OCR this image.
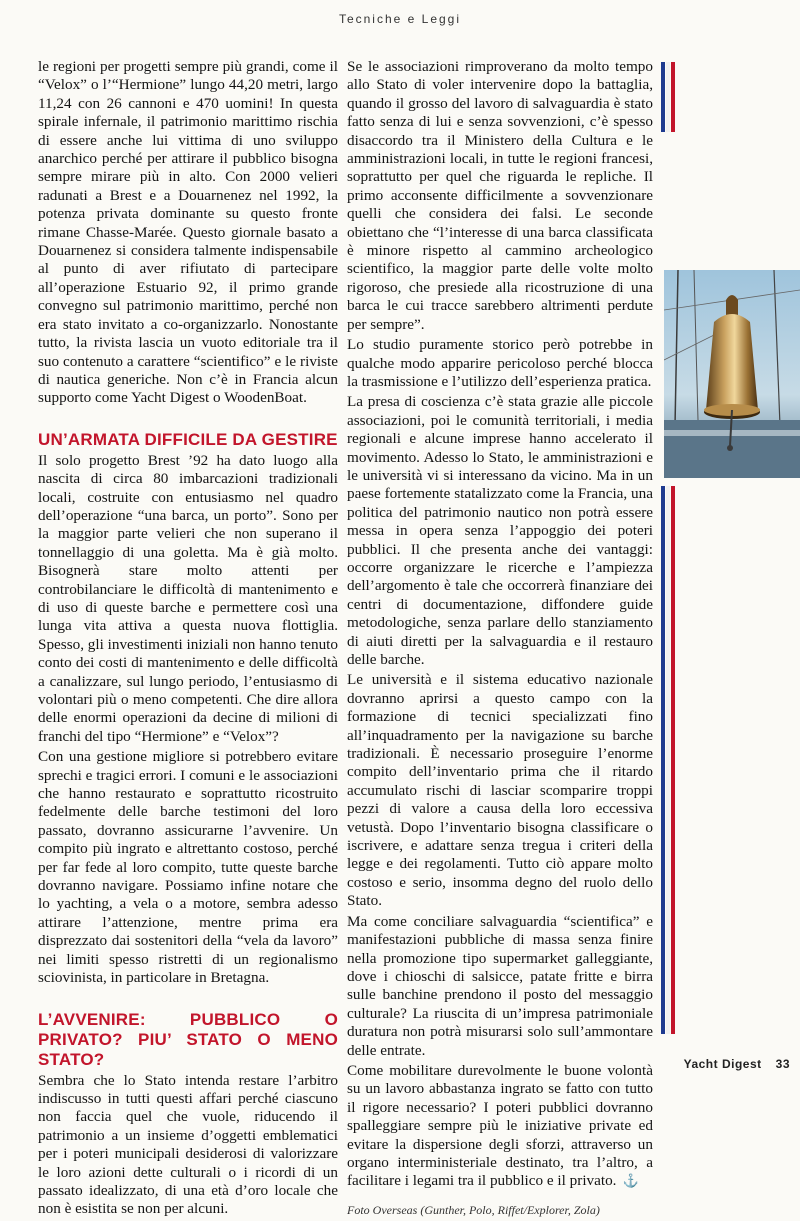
Tecniche e Leggi

le regioni per progetti sempre più grandi, come il “Velox” o l’“Hermione” lungo 44,20 metri, largo 11,24 con 26 cannoni e 470 uomini! In questa spirale infernale, il patrimonio marittimo rischia di essere anche lui vittima di uno sviluppo anarchico perché per attirare il pubblico bisogna sempre mirare più in alto. Con 2000 velieri radunati a Brest e a Douarnenez nel 1992, la potenza privata dominante su questo fronte rimane Chasse-Marée. Questo giornale basato a Douarnenez si considera talmente indispensabile al punto di aver rifiutato di partecipare all’operazione Estuario 92, il primo grande convegno sul patrimonio marittimo, perché non era stato invitato a co-organizzarlo. Nonostante tutto, la rivista lascia un vuoto editoriale tra il suo contenuto a carattere “scientifico” e le riviste di nautica generiche. Non c’è in Francia alcun supporto come Yacht Digest o WoodenBoat.

UN’ARMATA DIFFICILE DA GESTIRE

Il solo progetto Brest ’92 ha dato luogo alla nascita di circa 80 imbarcazioni tradizionali locali, costruite con entusiasmo nel quadro dell’operazione “una barca, un porto”. Sono per la maggior parte velieri che non superano il tonnellaggio di una goletta. Ma è già molto. Bisognerà stare molto attenti per controbilanciare le difficoltà di mantenimento e di uso di queste barche e permettere così una lunga vita attiva a questa nuova flottiglia. Spesso, gli investimenti iniziali non hanno tenuto conto dei costi di mantenimento e delle difficoltà a canalizzare, sul lungo periodo, l’entusiasmo di volontari più o meno competenti. Che dire allora delle enormi operazioni da decine di milioni di franchi del tipo “Hermione” e “Velox”?

Con una gestione migliore si potrebbero evitare sprechi e tragici errori. I comuni e le associazioni che hanno restaurato e soprattutto ricostruito fedelmente delle barche testimoni del loro passato, dovranno assicurarne l’avvenire. Un compito più ingrato e altrettanto costoso, perché per far fede al loro compito, tutte queste barche dovranno navigare. Possiamo infine notare che lo yachting, a vela o a motore, sembra adesso attirare l’attenzione, mentre prima era disprezzato dai sostenitori della “vela da lavoro” nei limiti spesso ristretti di un regionalismo sciovinista, in particolare in Bretagna.

L’AVVENIRE: PUBBLICO O PRIVATO? PIU’ STATO O MENO STATO?

Sembra che lo Stato intenda restare l’arbitro indiscusso in tutti questi affari perché ciascuno non faccia quel che vuole, riducendo il patrimonio a un insieme d’oggetti emblematici per i poteri municipali desiderosi di valorizzare le loro azioni dette culturali o i ricordi di un passato idealizzato, di una età d’oro locale che non è esistita se non per alcuni.

Se le associazioni rimproverano da molto tempo allo Stato di voler intervenire dopo la battaglia, quando il grosso del lavoro di salvaguardia è stato fatto senza di lui e senza sovvenzioni, c’è spesso disaccordo tra il Ministero della Cultura e le amministrazioni locali, in tutte le regioni francesi, soprattutto per quel che riguarda le repliche. Il primo acconsente difficilmente a sovvenzionare quelli che considera dei falsi. Le seconde obiettano che “l’interesse di una barca classificata è minore rispetto al cammino archeologico scientifico, la maggior parte delle volte molto rigoroso, che presiede alla ricostruzione di una barca le cui tracce sarebbero altrimenti perdute per sempre”.

Lo studio puramente storico però potrebbe in qualche modo apparire pericoloso perché blocca la trasmissione e l’utilizzo dell’esperienza pratica.

La presa di coscienza c’è stata grazie alle piccole associazioni, poi le comunità territoriali, i media regionali e alcune imprese hanno accelerato il movimento. Adesso lo Stato, le amministrazioni e le università vi si interessano da vicino. Ma in un paese fortemente statalizzato come la Francia, una politica del patrimonio nautico non potrà essere messa in opera senza l’appoggio dei poteri pubblici. Il che presenta anche dei vantaggi: occorre organizzare le ricerche e l’ampiezza dell’argomento è tale che occorrerà finanziare dei centri di documentazione, diffondere guide metodologiche, senza parlare dello stanziamento di aiuti diretti per la salvaguardia e il restauro delle barche.

Le università e il sistema educativo nazionale dovranno aprirsi a questo campo con la formazione di tecnici specializzati fino all’inquadramento per la navigazione su barche tradizionali. È necessario proseguire l’enorme compito dell’inventario prima che il ritardo accumulato rischi di lasciar scomparire troppi pezzi di valore a causa della loro eccessiva vetustà. Dopo l’inventario bisogna classificare o iscrivere, e adattare senza tregua i criteri della legge e dei regolamenti. Tutto ciò appare molto costoso e serio, insomma degno del ruolo dello Stato.

Ma come conciliare salvaguardia “scientifica” e manifestazioni pubbliche di massa senza finire nella promozione tipo supermarket galleggiante, dove i chioschi di salsicce, patate fritte e birra sulle banchine prendono il posto del messaggio culturale? La riuscita di un’impresa patrimoniale duratura non potrà misurarsi solo sull’ammontare delle entrate.

Come mobilitare durevolmente le buone volontà su un lavoro abbastanza ingrato se fatto con tutto il rigore necessario? I poteri pubblici dovranno spalleggiare sempre più le iniziative private ed evitare la dispersione degli sforzi, attraverso un organo interministeriale destinato, tra l’altro, a facilitare i legami tra il pubblico e il privato. ⚓

Foto Overseas (Gunther, Polo, Riffet/Explorer, Zola)
Yacht Digest 33
